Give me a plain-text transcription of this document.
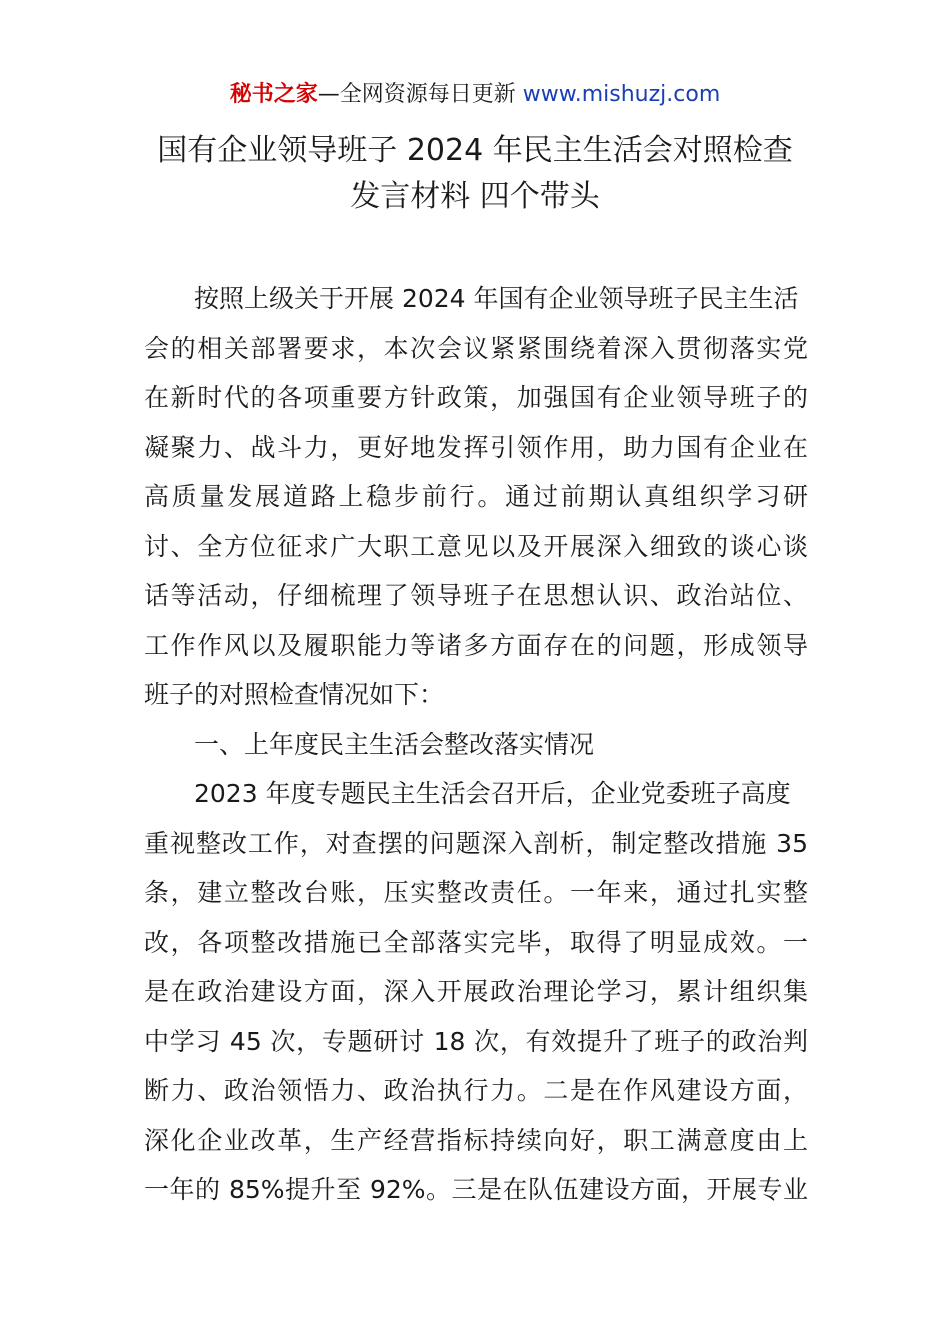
秘书之家—全网资源每日更新 www.mishuzj.com
国有企业领导班子 2024 年民主生活会对照检查
发言材料 四个带头
按照上级关于开展 2024 年国有企业领导班子民主生活
会的相关部署要求，本次会议紧紧围绕着深入贯彻落实党
在新时代的各项重要方针政策，加强国有企业领导班子的
凝聚力、战斗力，更好地发挥引领作用，助力国有企业在
高质量发展道路上稳步前行。通过前期认真组织学习研
讨、全方位征求广大职工意见以及开展深入细致的谈心谈
话等活动，仔细梳理了领导班子在思想认识、政治站位、
工作作风以及履职能力等诸多方面存在的问题，形成领导
班子的对照检查情况如下：
一、上年度民主生活会整改落实情况
2023 年度专题民主生活会召开后，企业党委班子高度
重视整改工作，对查摆的问题深入剖析，制定整改措施 35
条，建立整改台账，压实整改责任。一年来，通过扎实整
改，各项整改措施已全部落实完毕，取得了明显成效。一
是在政治建设方面，深入开展政治理论学习，累计组织集
中学习 45 次，专题研讨 18 次，有效提升了班子的政治判
断力、政治领悟力、政治执行力。二是在作风建设方面，
深化企业改革，生产经营指标持续向好，职工满意度由上
一年的 85%提升至 92%。三是在队伍建设方面，开展专业
